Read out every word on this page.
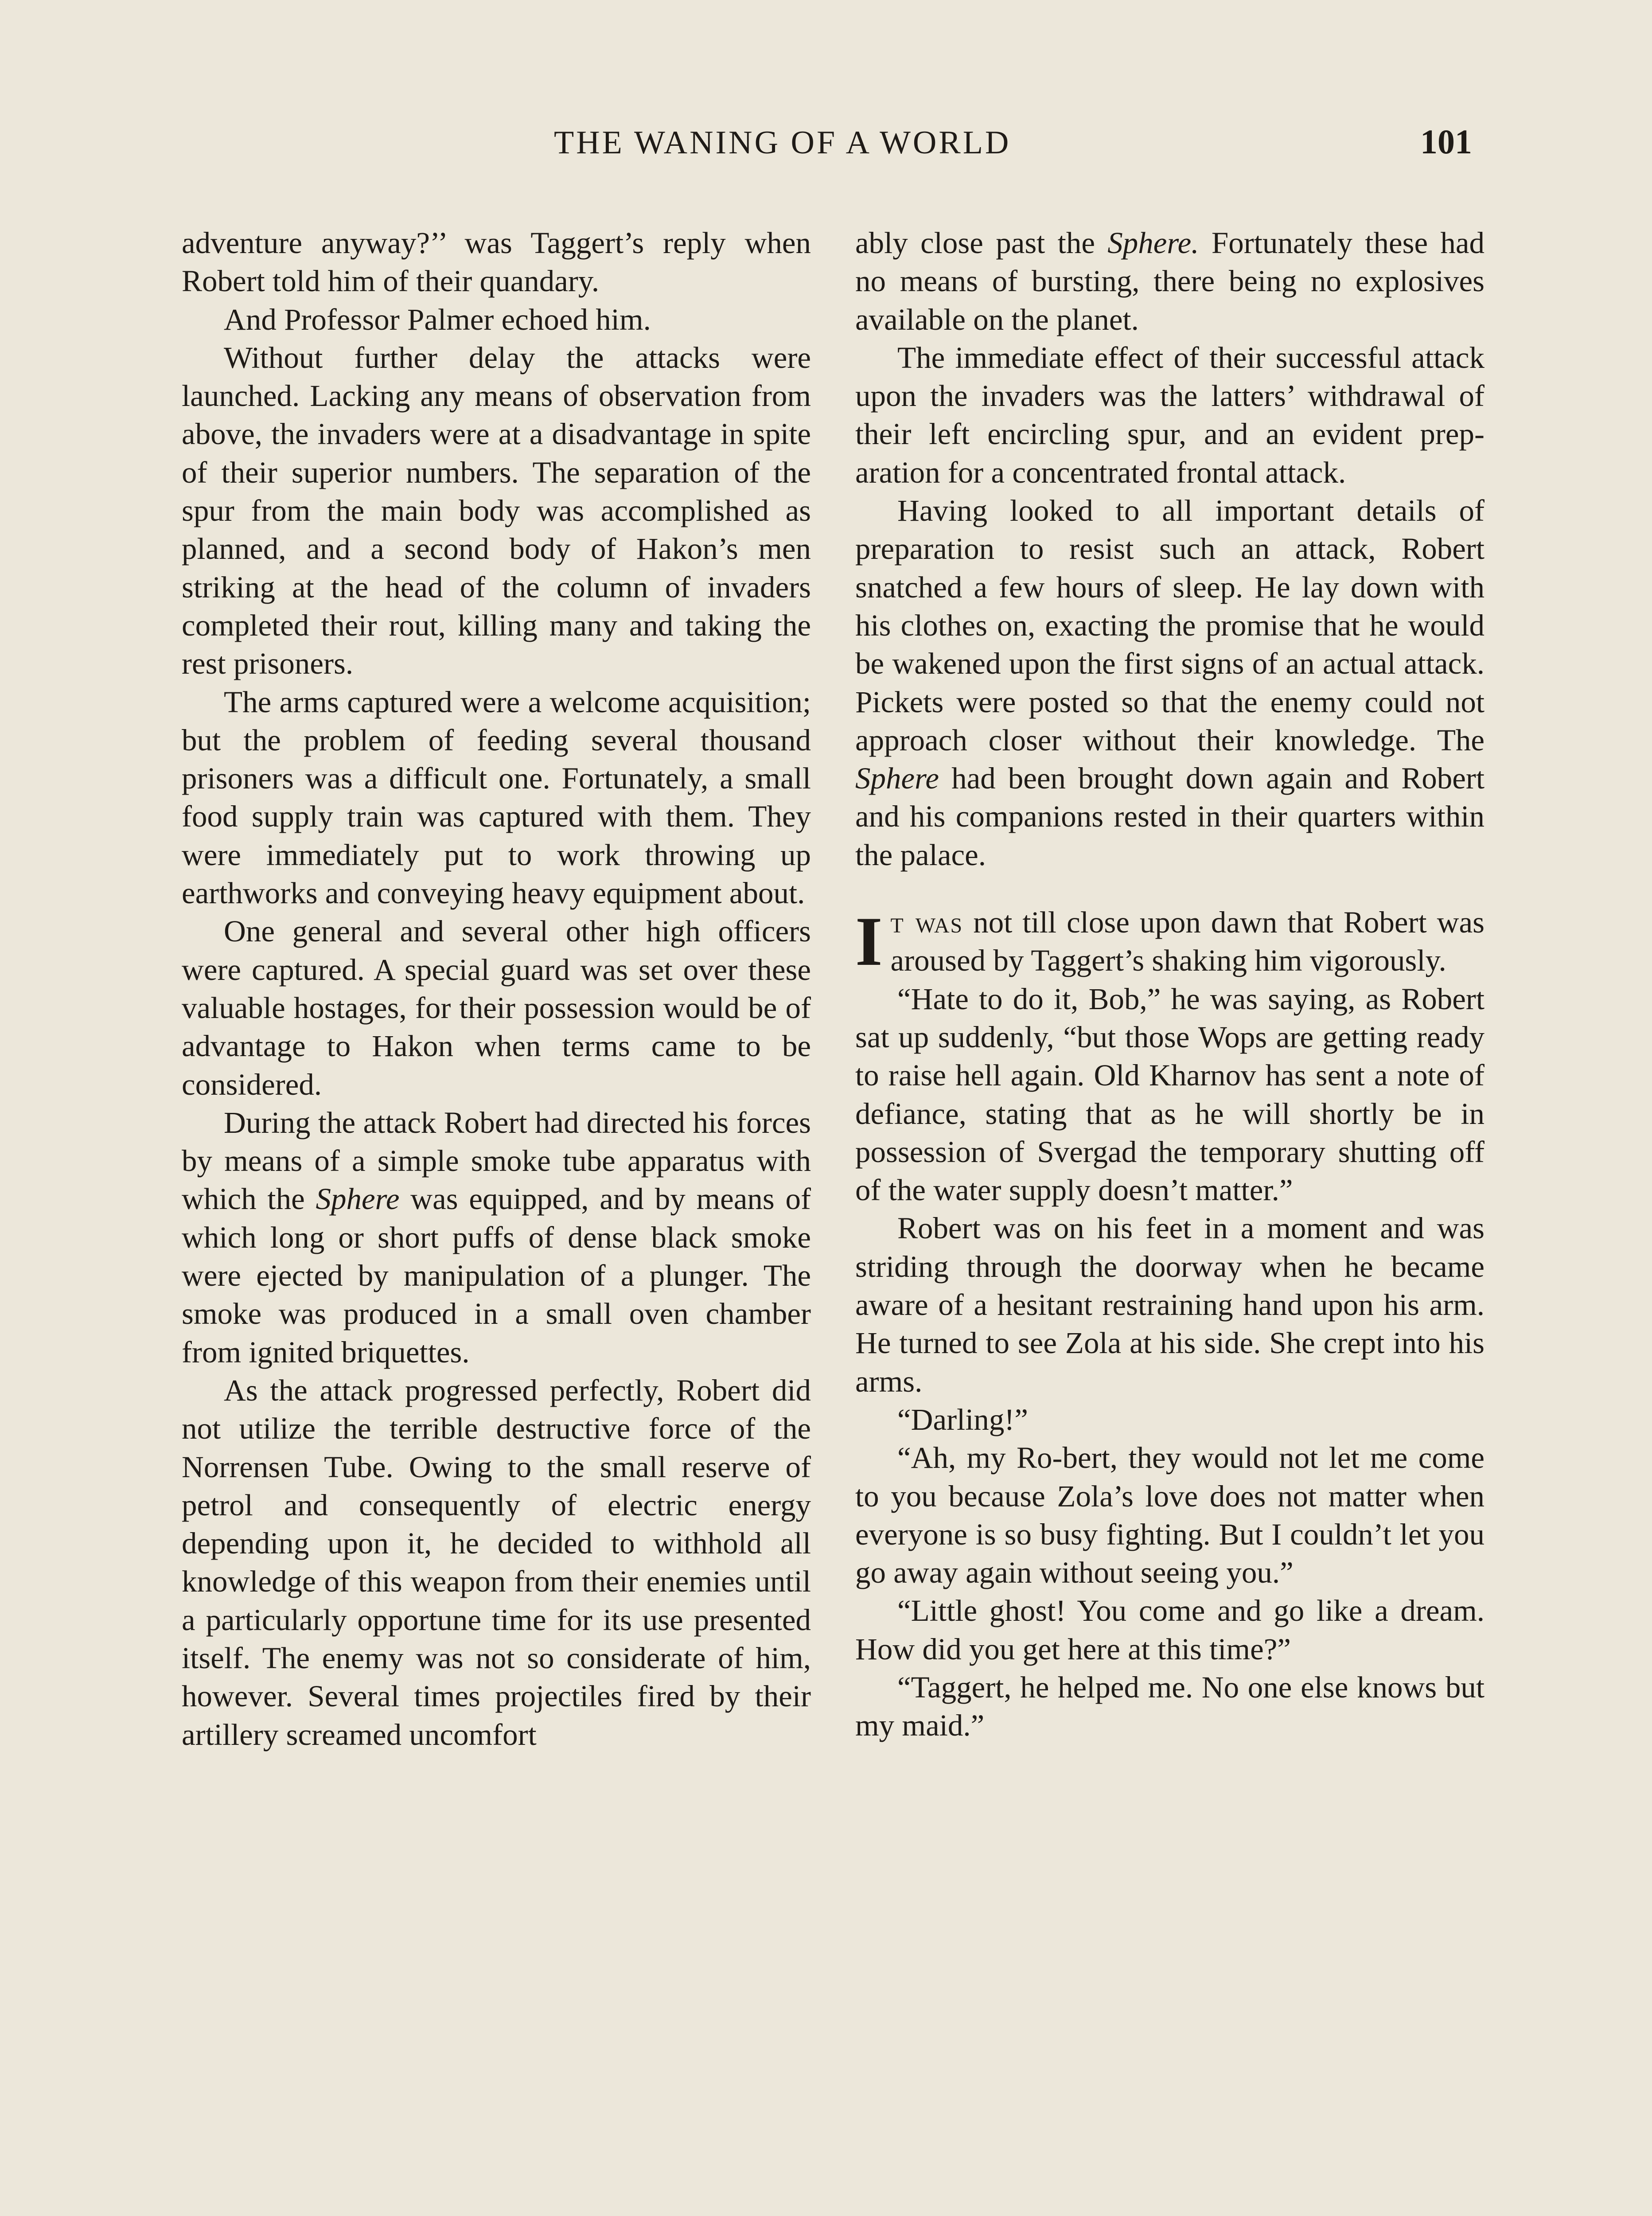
THE WANING OF A WORLD	101

adventure anyway?’’ was Taggert’s reply when Robert told him of their quandary.

And Professor Palmer echoed him.

Without further delay the attacks were launched. Lacking any means of observation from above, the invaders were at a disadvantage in spite of their superior numbers. The separation of the spur from the main body was accomplished as planned, and a second body of Hakon’s men striking at the head of the column of invaders completed their rout, killing many and taking the rest prisoners.

The arms captured were a welcome acquisition; but the problem of feeding several thousand prisoners was a difficult one. Fortunately, a small food supply train was captured with them. They were immediately put to work throwing up earthworks and conveying heavy equipment about.

One general and several other high officers were captured. A special guard was set over these valuable hostages, for their possession would be of advantage to Hakon when terms came to be considered.

During the attack Robert had directed his forces by means of a simple smoke tube apparatus with which the Sphere was equipped, and by means of which long or short puffs of dense black smoke were ejected by manipulation of a plunger. The smoke was produced in a small oven chamber from ignited briquettes.

As the attack progressed perfectly, Robert did not utilize the terrible destructive force of the Norrensen Tube. Owing to the small reserve of petrol and consequently of electric energy depending upon it, he decided to withhold all knowledge of this weapon from their enemies until a particularly opportune time for its use presented itself. The enemy was not so considerate of him, however. Several times projectiles fired by their artillery screamed uncomfort

ably close past the Sphere. Fortunately these had no means of bursting, there being no explosives available on the planet.

The immediate effect of their successful attack upon the invaders was the latters’ withdrawal of their left encircling spur, and an evident preparation for a concentrated frontal attack.

Having looked to all important details of preparation to resist such an attack, Robert snatched a few hours of sleep. He lay down with his clothes on, exacting the promise that he would be wakened upon the first signs of an actual attack. Pickets were posted so that the enemy could not approach closer without their knowledge. The Sphere had been brought down again and Robert and his companions rested in their quarters within the palace.

It was not till close upon dawn that Robert was aroused by Taggert’s shaking him vigorously.

“Hate to do it, Bob,” he was saying, as Robert sat up suddenly, “but those Wops are getting ready to raise hell again. Old Kharnov has sent a note of defiance, stating that as he will shortly be in possession of Svergad the temporary shutting off of the water supply doesn’t matter.”

Robert was on his feet in a moment and was striding through the doorway when he became aware of a hesitant restraining hand upon his arm. He turned to see Zola at his side. She crept into his arms.

“Darling!”

“Ah, my Ro-bert, they would not let me come to you because Zola’s love does not matter when everyone is so busy fighting. But I couldn’t let you go away again without seeing you.”

“Little ghost! You come and go like a dream. How did you get here at this time?”

“Taggert, he helped me. No one else knows but my maid.”
